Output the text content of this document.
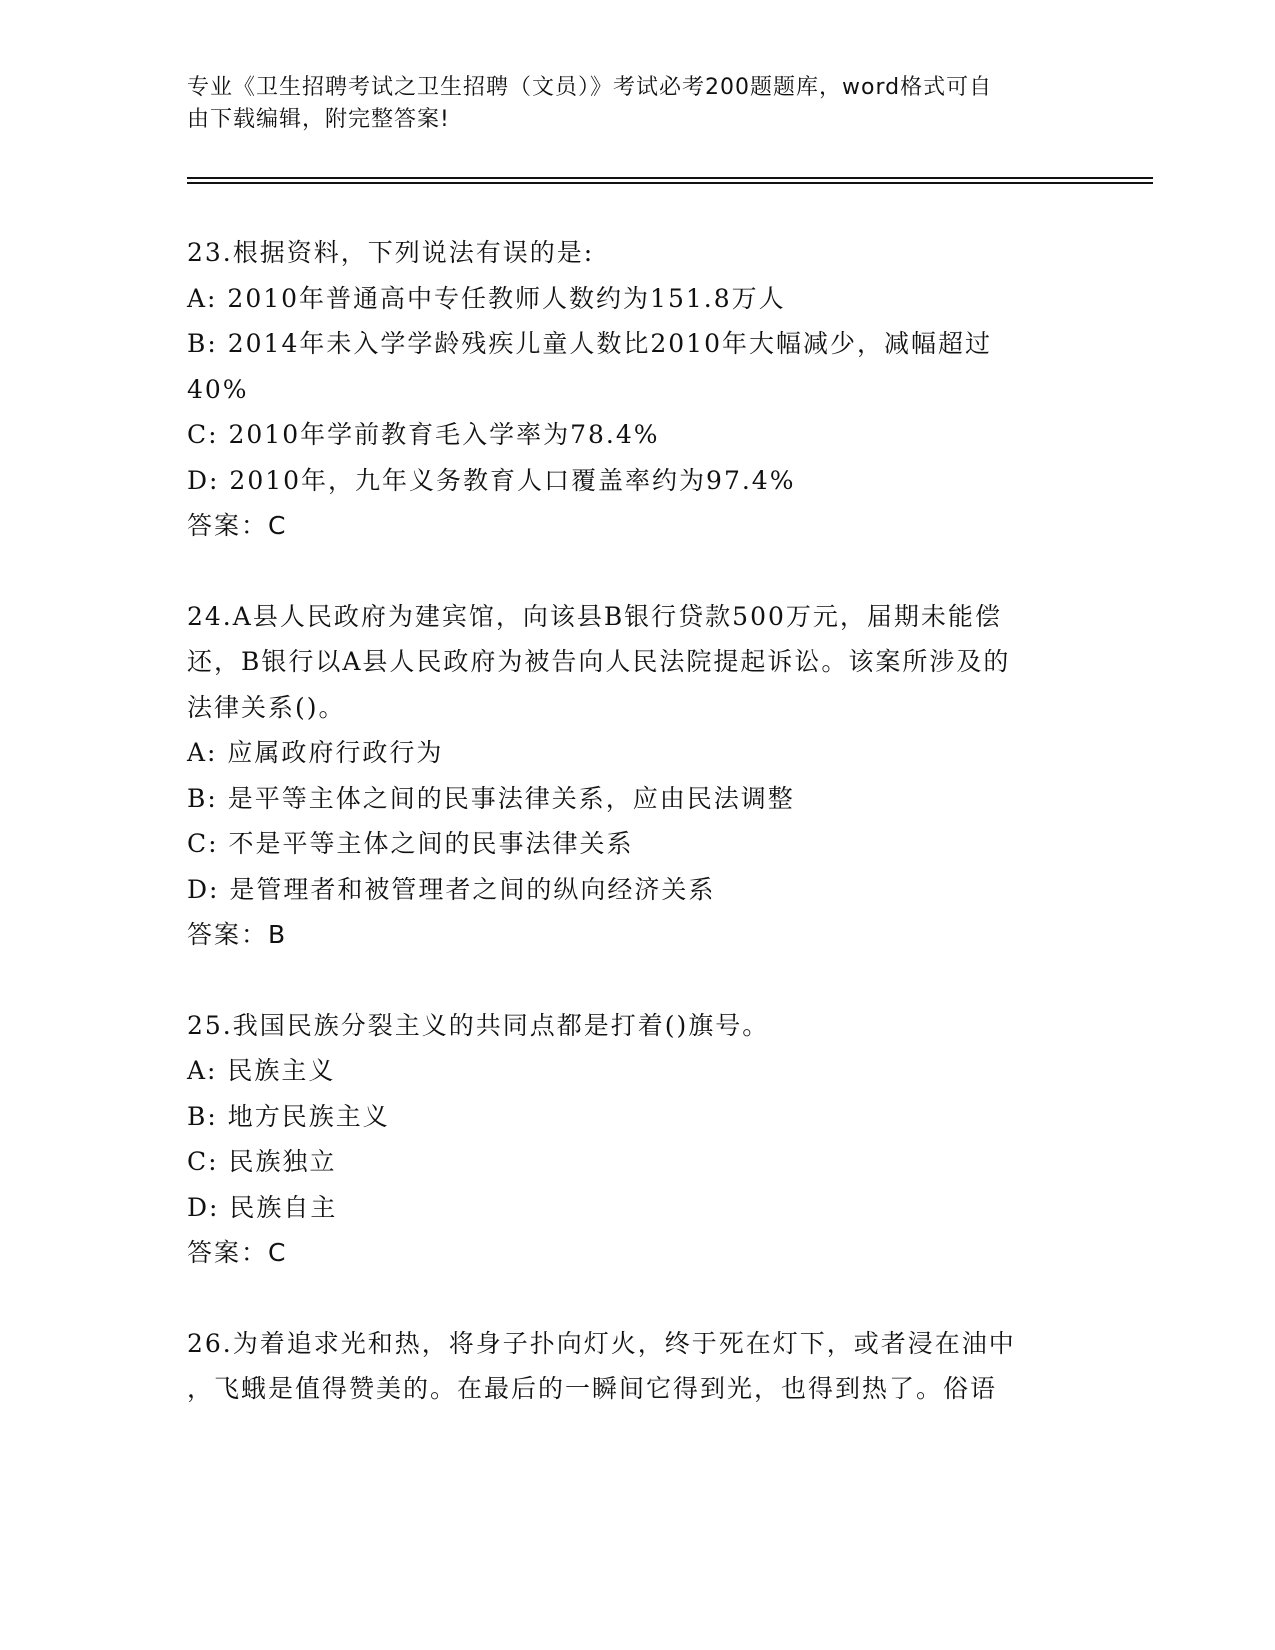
专业《卫生招聘考试之卫生招聘（文员）》考试必考200题题库，word格式可自
由下载编辑，附完整答案!
23.根据资料，下列说法有误的是:
A: 2010年普通高中专任教师人数约为151.8万人
B: 2014年未入学学龄残疾儿童人数比2010年大幅减少，减幅超过
40%
C: 2010年学前教育毛入学率为78.4%
D: 2010年，九年义务教育人口覆盖率约为97.4%
答案：C
24.A县人民政府为建宾馆，向该县B银行贷款500万元，届期未能偿
还，B银行以A县人民政府为被告向人民法院提起诉讼。该案所涉及的
法律关系()。
A: 应属政府行政行为
B: 是平等主体之间的民事法律关系，应由民法调整
C: 不是平等主体之间的民事法律关系
D: 是管理者和被管理者之间的纵向经济关系
答案：B
25.我国民族分裂主义的共同点都是打着()旗号。
A: 民族主义
B: 地方民族主义
C: 民族独立
D: 民族自主
答案：C
26.为着追求光和热，将身子扑向灯火，终于死在灯下，或者浸在油中
，飞蛾是值得赞美的。在最后的一瞬间它得到光，也得到热了。俗语
